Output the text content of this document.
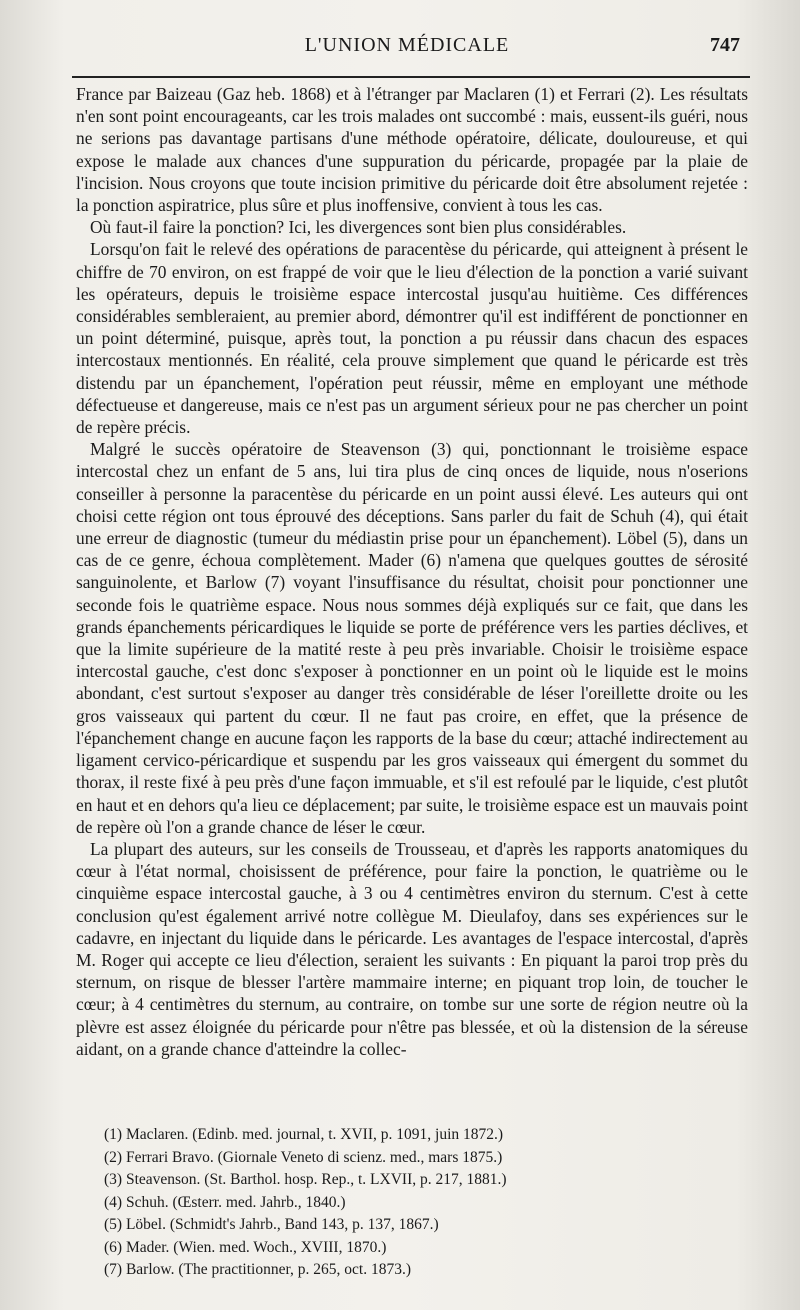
L'UNION MÉDICALE	747

France par Baizeau (Gaz heb. 1868) et à l'étranger par Maclaren (1) et Ferrari (2). Les résultats n'en sont point encourageants, car les trois malades ont succombé : mais, eussent-ils guéri, nous ne serions pas davantage partisans d'une méthode opératoire, délicate, douloureuse, et qui expose le malade aux chances d'une suppuration du péricarde, propagée par la plaie de l'incision. Nous croyons que toute incision primitive du péricarde doit être absolument rejetée : la ponction aspiratrice, plus sûre et plus inoffensive, convient à tous les cas.

Où faut-il faire la ponction? Ici, les divergences sont bien plus considérables.

Lorsqu'on fait le relevé des opérations de paracentèse du péricarde, qui atteignent à présent le chiffre de 70 environ, on est frappé de voir que le lieu d'élection de la ponction a varié suivant les opérateurs, depuis le troisième espace intercostal jusqu'au huitième. Ces différences considérables sembleraient, au premier abord, démontrer qu'il est indifférent de ponctionner en un point déterminé, puisque, après tout, la ponction a pu réussir dans chacun des espaces intercostaux mentionnés. En réalité, cela prouve simplement que quand le péricarde est très distendu par un épanchement, l'opération peut réussir, même en employant une méthode défectueuse et dangereuse, mais ce n'est pas un argument sérieux pour ne pas chercher un point de repère précis.

Malgré le succès opératoire de Steavenson (3) qui, ponctionnant le troisième espace intercostal chez un enfant de 5 ans, lui tira plus de cinq onces de liquide, nous n'oserions conseiller à personne la paracentèse du péricarde en un point aussi élevé. Les auteurs qui ont choisi cette région ont tous éprouvé des déceptions. Sans parler du fait de Schuh (4), qui était une erreur de diagnostic (tumeur du médiastin prise pour un épanchement). Löbel (5), dans un cas de ce genre, échoua complètement. Mader (6) n'amena que quelques gouttes de sérosité sanguinolente, et Barlow (7) voyant l'insuffisance du résultat, choisit pour ponctionner une seconde fois le quatrième espace. Nous nous sommes déjà expliqués sur ce fait, que dans les grands épanchements péricardiques le liquide se porte de préférence vers les parties déclives, et que la limite supérieure de la matité reste à peu près invariable. Choisir le troisième espace intercostal gauche, c'est donc s'exposer à ponctionner en un point où le liquide est le moins abondant, c'est surtout s'exposer au danger très considérable de léser l'oreillette droite ou les gros vaisseaux qui partent du cœur. Il ne faut pas croire, en effet, que la présence de l'épanchement change en aucune façon les rapports de la base du cœur; attaché indirectement au ligament cervico-péricardique et suspendu par les gros vaisseaux qui émergent du sommet du thorax, il reste fixé à peu près d'une façon immuable, et s'il est refoulé par le liquide, c'est plutôt en haut et en dehors qu'a lieu ce déplacement; par suite, le troisième espace est un mauvais point de repère où l'on a grande chance de léser le cœur.

La plupart des auteurs, sur les conseils de Trousseau, et d'après les rapports anatomiques du cœur à l'état normal, choisissent de préférence, pour faire la ponction, le quatrième ou le cinquième espace intercostal gauche, à 3 ou 4 centimètres environ du sternum. C'est à cette conclusion qu'est également arrivé notre collègue M. Dieulafoy, dans ses expériences sur le cadavre, en injectant du liquide dans le péricarde. Les avantages de l'espace intercostal, d'après M. Roger qui accepte ce lieu d'élection, seraient les suivants : En piquant la paroi trop près du sternum, on risque de blesser l'artère mammaire interne; en piquant trop loin, de toucher le cœur; à 4 centimètres du sternum, au contraire, on tombe sur une sorte de région neutre où la plèvre est assez éloignée du péricarde pour n'être pas blessée, et où la distension de la séreuse aidant, on a grande chance d'atteindre la collec-

(1) Maclaren. (Edinb. med. journal, t. XVII, p. 1091, juin 1872.)
(2) Ferrari Bravo. (Giornale Veneto di scienz. med., mars 1875.)
(3) Steavenson. (St. Barthol. hosp. Rep., t. LXVII, p. 217, 1881.)
(4) Schuh. (Œsterr. med. Jahrb., 1840.)
(5) Löbel. (Schmidt's Jahrb., Band 143, p. 137, 1867.)
(6) Mader. (Wien. med. Woch., XVIII, 1870.)
(7) Barlow. (The practitionner, p. 265, oct. 1873.)
